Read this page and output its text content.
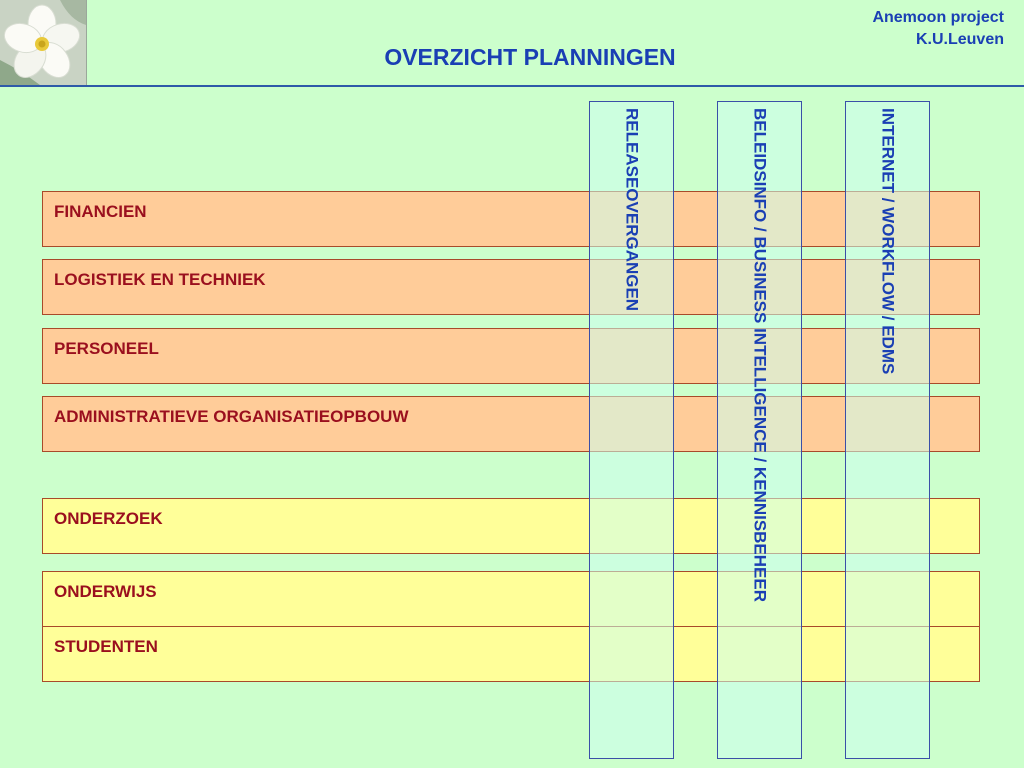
OVERZICHT PLANNINGEN
Anemoon project
K.U.Leuven
FINANCIEN
LOGISTIEK EN TECHNIEK
PERSONEEL
ADMINISTRATIEVE ORGANISATIEOPBOUW
ONDERZOEK
ONDERWIJS
STUDENTEN
RELEASEOVERGANGEN	BELEIDSINFO / BUSINESS INTELLIGENCE / KENNISBEHEER	INTERNET / WORKFLOW / EDMS
